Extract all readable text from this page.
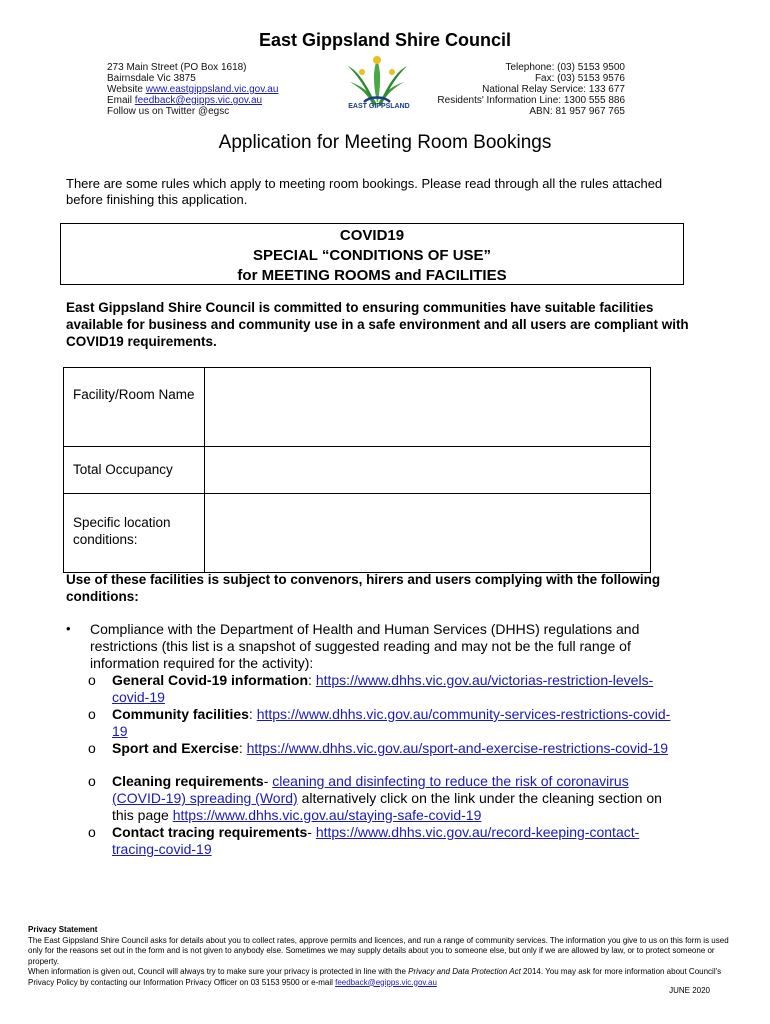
East Gippsland Shire Council
273 Main Street (PO Box 1618)
Bairnsdale Vic 3875
Website www.eastgippsland.vic.gov.au
Email feedback@egipps.vic.gov.au
Follow us on Twitter @egsc	EAST GIPPSLAND
Telephone: (03) 5153 9500
Fax: (03) 5153 9576
National Relay Service: 133 677
Residents' Information Line: 1300 555 886
ABN: 81 957 967 765
Application for Meeting Room Bookings
There are some rules which apply to meeting room bookings. Please read through all the rules attached before finishing this application.
COVID19
SPECIAL “CONDITIONS OF USE”
for MEETING ROOMS and FACILITIES
East Gippsland Shire Council is committed to ensuring communities have suitable facilities available for business and community use in a safe environment and all users are compliant with COVID19 requirements.
Facility/Room Name	

Total Occupancy	

Specific location conditions:	

Use of these facilities is subject to convenors, hirers and users complying with the following conditions:
• Compliance with the Department of Health and Human Services (DHHS) regulations and restrictions (this list is a snapshot of suggested reading and may not be the full range of information required for the activity):
o General Covid-19 information: https://www.dhhs.vic.gov.au/victorias-restriction-levels-covid-19
o Community facilities: https://www.dhhs.vic.gov.au/community-services-restrictions-covid-19
o Sport and Exercise: https://www.dhhs.vic.gov.au/sport-and-exercise-restrictions-covid-19
o Cleaning requirements- cleaning and disinfecting to reduce the risk of coronavirus (COVID-19) spreading (Word) alternatively click on the link under the cleaning section on this page https://www.dhhs.vic.gov.au/staying-safe-covid-19
o Contact tracing requirements- https://www.dhhs.vic.gov.au/record-keeping-contact-tracing-covid-19
Privacy Statement
The East Gippsland Shire Council asks for details about you to collect rates, approve permits and licences, and run a range of community services. The information you give to us on this form is used only for the reasons set out in the form and is not given to anybody else. Sometimes we may supply details about you to someone else, but only if we are allowed by law, or to protect someone or property.
When information is given out, Council will always try to make sure your privacy is protected in line with the Privacy and Data Protection Act 2014. You may ask for more information about Council's Privacy Policy by contacting our Information Privacy Officer on 03 5153 9500 or e-mail feedback@egipps.vic.gov.au
JUNE 2020
